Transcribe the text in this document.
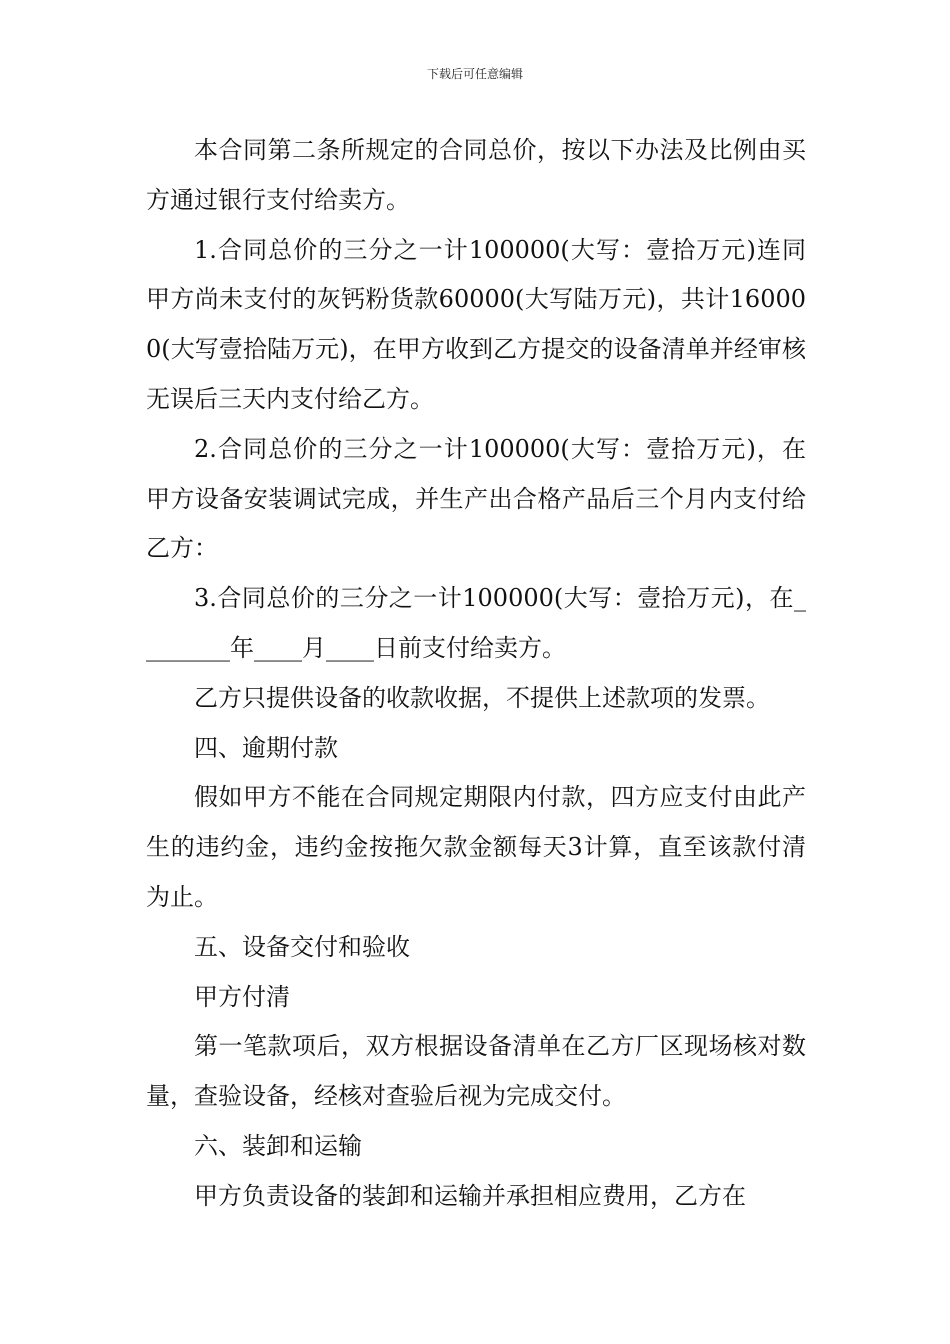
下载后可任意编辑

本合同第二条所规定的合同总价，按以下办法及比例由买方通过银行支付给卖方。

1.合同总价的三分之一计100000(大写：壹拾万元)连同甲方尚未支付的灰钙粉货款60000(大写陆万元)，共计160000(大写壹拾陆万元)，在甲方收到乙方提交的设备清单并经审核无误后三天内支付给乙方。

2.合同总价的三分之一计100000(大写：壹拾万元)，在甲方设备安装调试完成，并生产出合格产品后三个月内支付给乙方：

3.合同总价的三分之一计100000(大写：壹拾万元)，在________年____月____日前支付给卖方。

乙方只提供设备的收款收据，不提供上述款项的发票。

四、逾期付款

假如甲方不能在合同规定期限内付款，四方应支付由此产生的违约金，违约金按拖欠款金额每天3计算，直至该款付清为止。

五、设备交付和验收

甲方付清

第一笔款项后，双方根据设备清单在乙方厂区现场核对数量，查验设备，经核对查验后视为完成交付。

六、装卸和运输

甲方负责设备的装卸和运输并承担相应费用，乙方在
